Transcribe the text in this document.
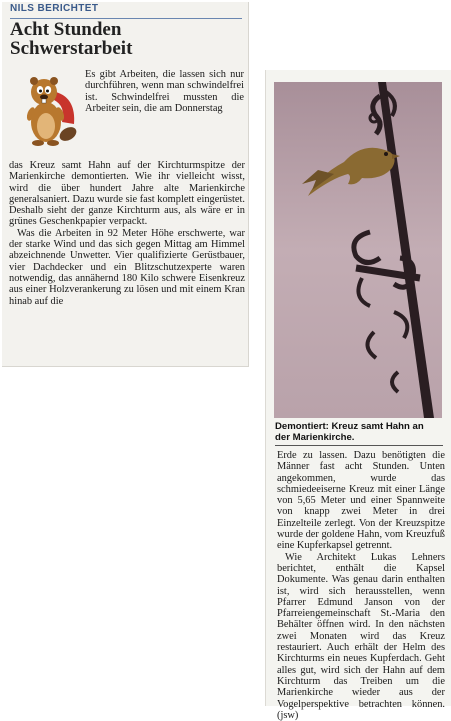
NILS BERICHTET
Acht Stunden
Schwerstarbeit

Es gibt Arbeiten, die lassen sich nur durchführen, wenn man schwindelfrei ist. Schwindelfrei mussten die Arbeiter sein, die am Donnerstag

das Kreuz samt Hahn auf der Kirchturmspitze der Marienkirche demontierten. Wie ihr vielleicht wisst, wird die über hundert Jahre alte Marienkirche generalsaniert. Dazu wurde sie fast komplett eingerüstet. Deshalb sieht der ganze Kirchturm aus, als wäre er in grünes Geschenkpapier verpackt.

Was die Arbeiten in 92 Meter Höhe erschwerte, war der starke Wind und das sich gegen Mittag am Himmel abzeichnende Unwetter. Vier qualifizierte Gerüstbauer, vier Dachdecker und ein Blitzschutzexperte waren notwendig, das annähernd 180 Kilo schwere Eisenkreuz aus einer Holzverankerung zu lösen und mit einem Kran hinab auf die

Demontiert: Kreuz samt Hahn an
der Marienkirche.

Erde zu lassen. Dazu benötigten die Männer fast acht Stunden. Unten angekommen, wurde das schmiedeeiserne Kreuz mit einer Länge von 5,65 Meter und einer Spannweite von knapp zwei Meter in drei Einzelteile zerlegt. Von der Kreuzspitze wurde der goldene Hahn, vom Kreuzfuß eine Kupferkapsel getrennt.

Wie Architekt Lukas Lehners berichtet, enthält die Kapsel Dokumente. Was genau darin enthalten ist, wird sich herausstellen, wenn Pfarrer Edmund Janson von der Pfarreiengemeinschaft St.-Maria den Behälter öffnen wird. In den nächsten zwei Monaten wird das Kreuz restauriert. Auch erhält der Helm des Kirchturms ein neues Kupferdach. Geht alles gut, wird sich der Hahn auf dem Kirchturm das Treiben um die Marienkirche wieder aus der Vogelperspektive betrachten können. (jsw)
